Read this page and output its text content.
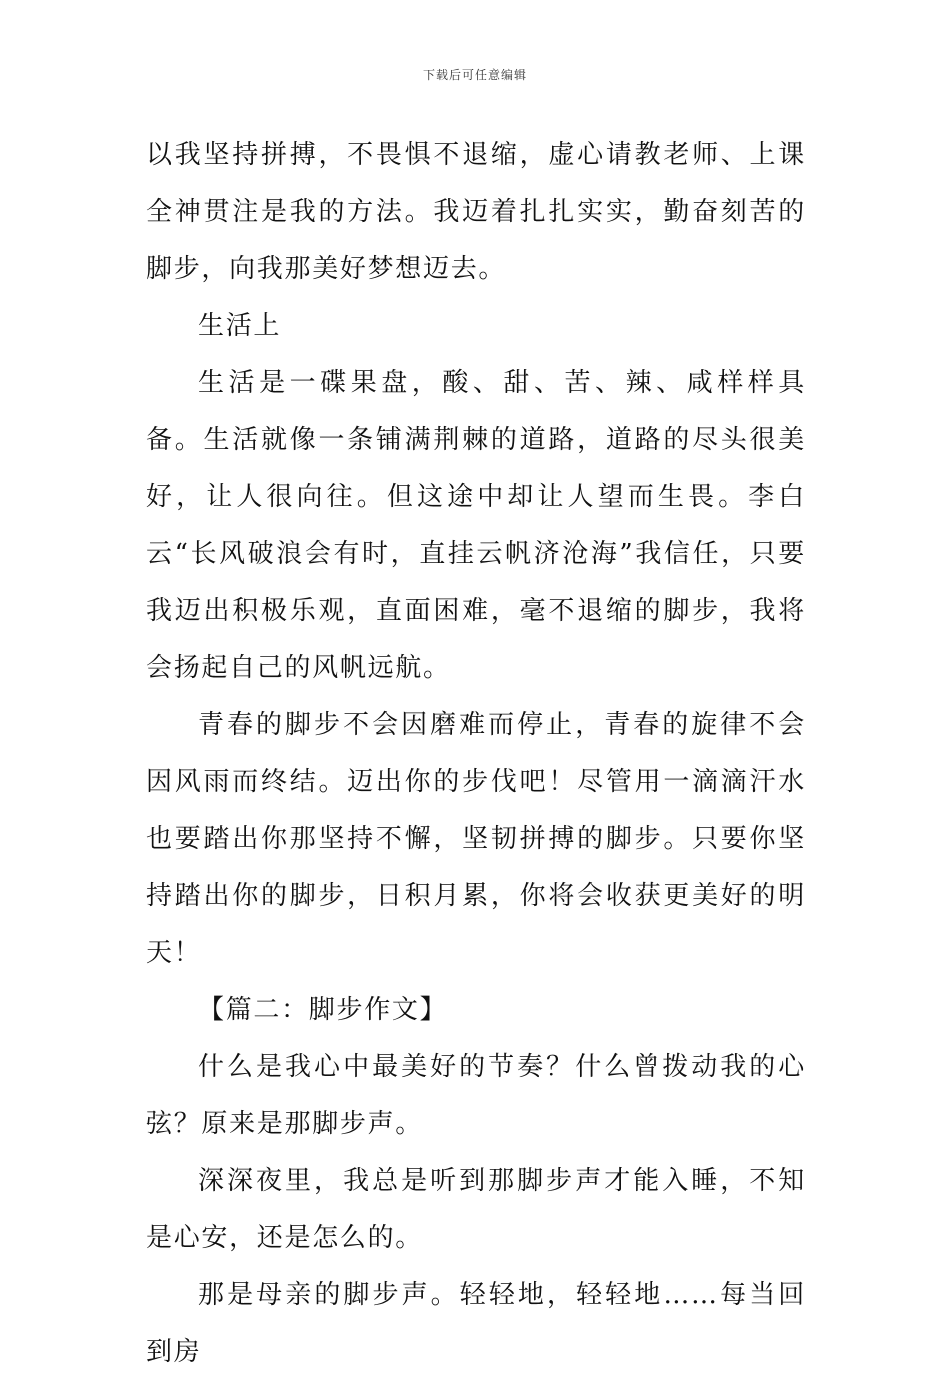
下载后可任意编辑

以我坚持拼搏，不畏惧不退缩，虚心请教老师、上课全神贯注是我的方法。我迈着扎扎实实，勤奋刻苦的脚步，向我那美好梦想迈去。

生活上

生活是一碟果盘，酸、甜、苦、辣、咸样样具备。生活就像一条铺满荆棘的道路，道路的尽头很美好，让人很向往。但这途中却让人望而生畏。李白云“长风破浪会有时，直挂云帆济沧海”我信任，只要我迈出积极乐观，直面困难，毫不退缩的脚步，我将会扬起自己的风帆远航。

青春的脚步不会因磨难而停止，青春的旋律不会因风雨而终结。迈出你的步伐吧！尽管用一滴滴汗水也要踏出你那坚持不懈，坚韧拼搏的脚步。只要你坚持踏出你的脚步，日积月累，你将会收获更美好的明天！

【篇二：脚步作文】

什么是我心中最美好的节奏？什么曾拨动我的心弦？原来是那脚步声。

深深夜里，我总是听到那脚步声才能入睡，不知是心安，还是怎么的。

那是母亲的脚步声。轻轻地，轻轻地……每当回到房
